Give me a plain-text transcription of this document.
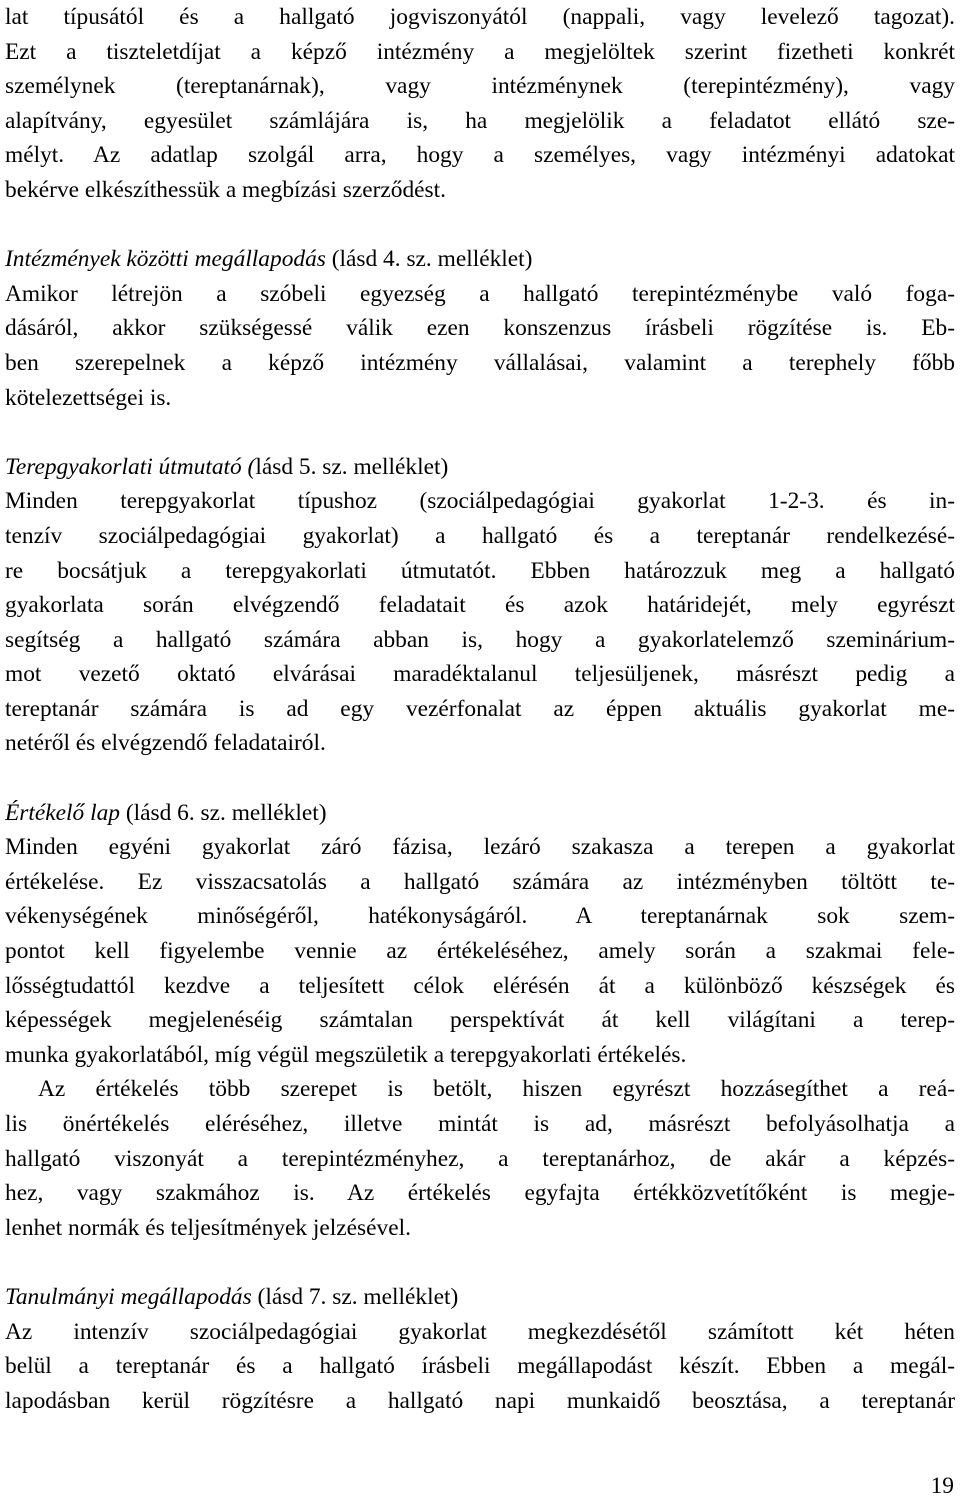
lat típusától és a hallgató jogviszonyától (nappali, vagy levelező tagozat).
Ezt a tiszteletdíjat a képző intézmény a megjelöltek szerint fizetheti konkrét
személynek (tereptanárnak), vagy intézménynek (terepintézmény), vagy
alapítvány, egyesület számlájára is, ha megjelölik a feladatot ellátó sze-
mélyt. Az adatlap szolgál arra, hogy a személyes, vagy intézményi adatokat
bekérve elkészíthessük a megbízási szerződést.
Intézmények közötti megállapodás (lásd 4. sz. melléklet)
Amikor létrejön a szóbeli egyezség a hallgató terepintézménybe való foga-
dásáról, akkor szükségessé válik ezen konszenzus írásbeli rögzítése is. Eb-
ben szerepelnek a képző intézmény vállalásai, valamint a terephely főbb
kötelezettségei is.
Terepgyakorlati útmutató (lásd 5. sz. melléklet)
Minden terepgyakorlat típushoz (szociálpedagógiai gyakorlat 1-2-3. és in-
tenzív szociálpedagógiai gyakorlat) a hallgató és a tereptanár rendelkezésé-
re bocsátjuk a terepgyakorlati útmutatót. Ebben határozzuk meg a hallgató
gyakorlata során elvégzendő feladatait és azok határidejét, mely egyrészt
segítség a hallgató számára abban is, hogy a gyakorlatelemző szeminárium-
mot vezető oktató elvárásai maradéktalanul teljesüljenek, másrészt pedig a
tereptanár számára is ad egy vezérfonalat az éppen aktuális gyakorlat me-
netéről és elvégzendő feladatairól.
Értékelő lap (lásd 6. sz. melléklet)
Minden egyéni gyakorlat záró fázisa, lezáró szakasza a terepen a gyakorlat
értékelése. Ez visszacsatolás a hallgató számára az intézményben töltött te-
vékenységének minőségéről, hatékonyságáról. A tereptanárnak sok szem-
pontot kell figyelembe vennie az értékeléséhez, amely során a szakmai fele-
lősségtudattól kezdve a teljesített célok elérésén át a különböző készségek és
képességek megjelenéséig számtalan perspektívát át kell világítani a terep-
munka gyakorlatából, míg végül megszületik a terepgyakorlati értékelés.
Az értékelés több szerepet is betölt, hiszen egyrészt hozzásegíthet a reá-
lis önértékelés eléréséhez, illetve mintát is ad, másrészt befolyásolhatja a
hallgató viszonyát a terepintézményhez, a tereptanárhoz, de akár a képzés-
hez, vagy szakmához is. Az értékelés egyfajta értékközvetítőként is megje-
lenhet normák és teljesítmények jelzésével.
Tanulmányi megállapodás (lásd 7. sz. melléklet)
Az intenzív szociálpedagógiai gyakorlat megkezdésétől számított két héten
belül a tereptanár és a hallgató írásbeli megállapodást készít. Ebben a megál-
lapodásban kerül rögzítésre a hallgató napi munkaidő beosztása, a tereptanár
19
